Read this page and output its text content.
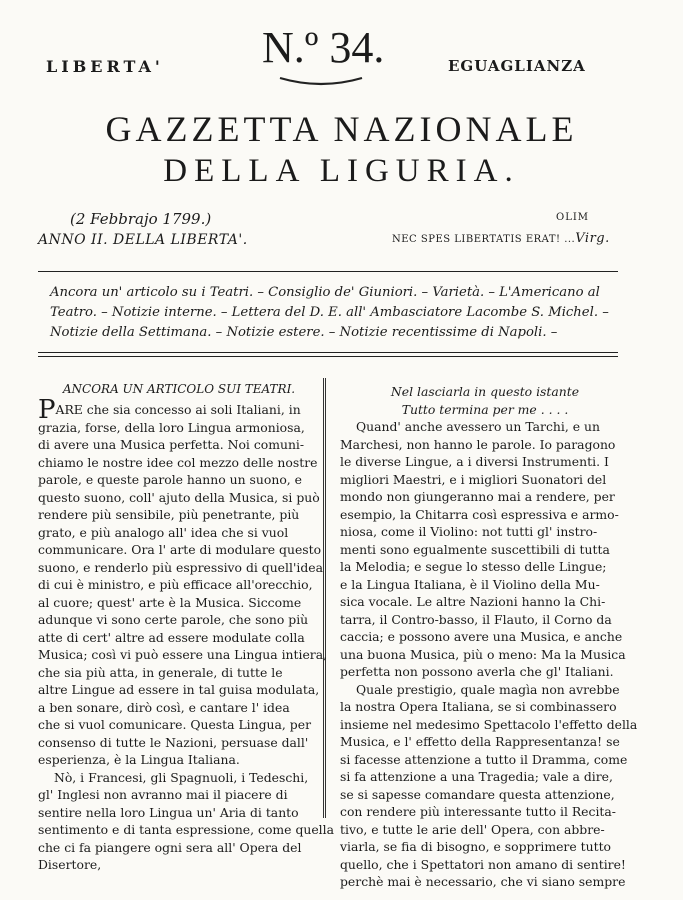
LIBERTA' N.º 34.	EGUAGLIANZA
GAZZETTA NAZIONALE
DELLA LIGURIA.
(2 Febbrajo 1799.)
ANNO II. DELLA LIBERTA'.
OLIM
NEC SPES LIBERTATIS ERAT! ...Virg.
Ancora un' articolo su i Teatri. – Consiglio de' Giuniori. – Varietà. – L'Americano al
Teatro. – Notizie interne. – Lettera del D. E. all' Ambasciatore Lacombe S. Michel. –
Notizie della Settimana. – Notizie estere. – Notizie recentissime di Napoli. –
ANCORA UN ARTICOLO SUI TEATRI.
PARE che sia concesso ai soli Italiani, in
grazia, forse, della loro Lingua armoniosa,
di avere una Musica perfetta. Noi comuni-
chiamo le nostre idee col mezzo delle nostre
parole, e queste parole hanno un suono, e
questo suono, coll' ajuto della Musica, si può
rendere più sensibile, più penetrante, più
grato, e più analogo all' idea che si vuol
communicare. Ora l' arte di modulare questo
suono, e renderlo più espressivo di quell'idea
di cui è ministro, e più efficace all'orecchio,
al cuore; quest' arte è la Musica. Siccome
adunque vi sono certe parole, che sono più
atte di cert' altre ad essere modulate colla
Musica; così vi può essere una Lingua intiera,
che sia più atta, in generale, di tutte le
altre Lingue ad essere in tal guisa modulata,
a ben sonare, dirò così, e cantare l' idea
che si vuol comunicare. Questa Lingua, per
consenso di tutte le Nazioni, persuase dall'
esperienza, è la Lingua Italiana.
Nò, i Francesi, gli Spagnuoli, i Tedeschi,
gl' Inglesi non avranno mai il piacere di
sentire nella loro Lingua un' Aria di tanto
sentimento e di tanta espressione, come quella
che ci fa piangere ogni sera all' Opera del
Disertore,
Nel lasciarla in questo istante
Tutto termina per me . . . .
Quand' anche avessero un Tarchi, e un
Marchesi, non hanno le parole. Io paragono
le diverse Lingue, a i diversi Instrumenti. I
migliori Maestri, e i migliori Suonatori del
mondo non giungeranno mai a rendere, per
esempio, la Chitarra così espressiva e armo-
niosa, come il Violino: not tutti gl' instro-
menti sono egualmente suscettibili di tutta
la Melodia; e segue lo stesso delle Lingue;
e la Lingua Italiana, è il Violino della Mu-
sica vocale. Le altre Nazioni hanno la Chi-
tarra, il Contro-basso, il Flauto, il Corno da
caccia; e possono avere una Musica, e anche
una buona Musica, più o meno: Ma la Musica
perfetta non possono averla che gl' Italiani.
Quale prestigio, quale magìa non avrebbe
la nostra Opera Italiana, se si combinassero
insieme nel medesimo Spettacolo l'effetto della
Musica, e l' effetto della Rappresentanza! se
si facesse attenzione a tutto il Dramma, come
si fa attenzione a una Tragedia; vale a dire,
se si sapesse comandare questa attenzione,
con rendere più interessante tutto il Recita-
tivo, e tutte le arie dell' Opera, con abbre-
viarla, se fia di bisogno, e sopprimere tutto
quello, che i Spettatori non amano di sentire!
perchè mai è necessario, che vi siano sempre
